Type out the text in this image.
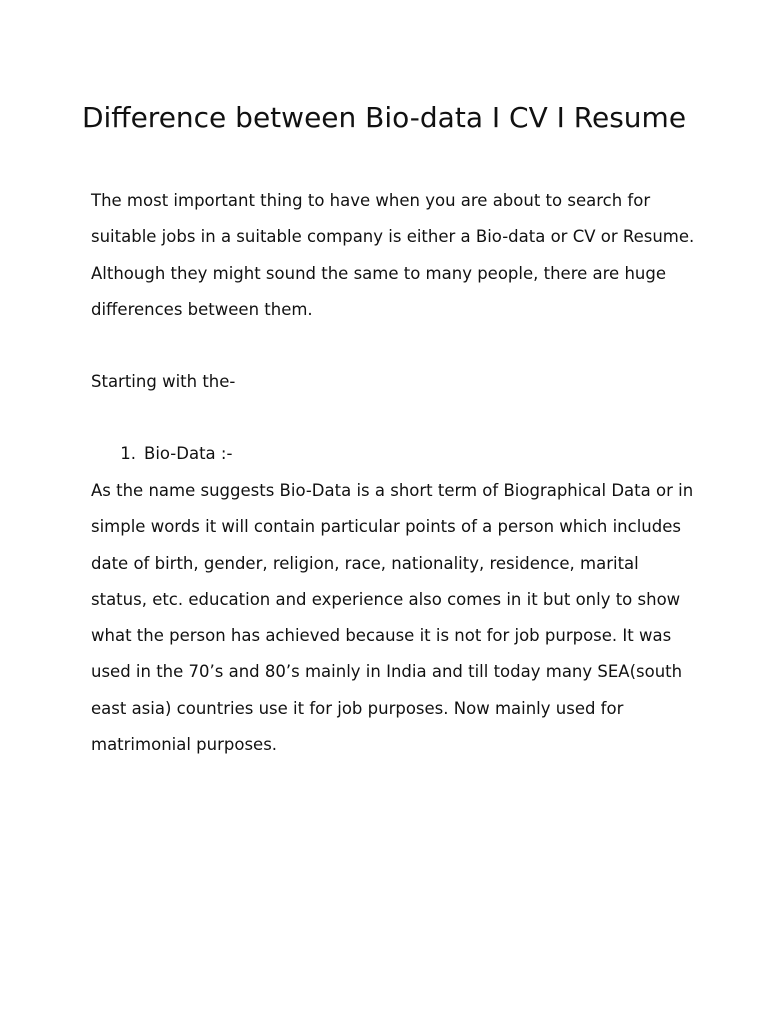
Difference between Bio-data I CV I Resume

The most important thing to have when you are about to search for
suitable jobs in a suitable company is either a Bio-data or CV or Resume.
Although they might sound the same to many people, there are huge
differences between them.

Starting with the-

1. Bio-Data :-

As the name suggests Bio-Data is a short term of Biographical Data or in
simple words it will contain particular points of a person which includes
date of birth, gender, religion, race, nationality, residence, marital
status, etc. education and experience also comes in it but only to show
what the person has achieved because it is not for job purpose. It was
used in the 70’s and 80’s mainly in India and till today many SEA(south
east asia) countries use it for job purposes. Now mainly used for
matrimonial purposes.
